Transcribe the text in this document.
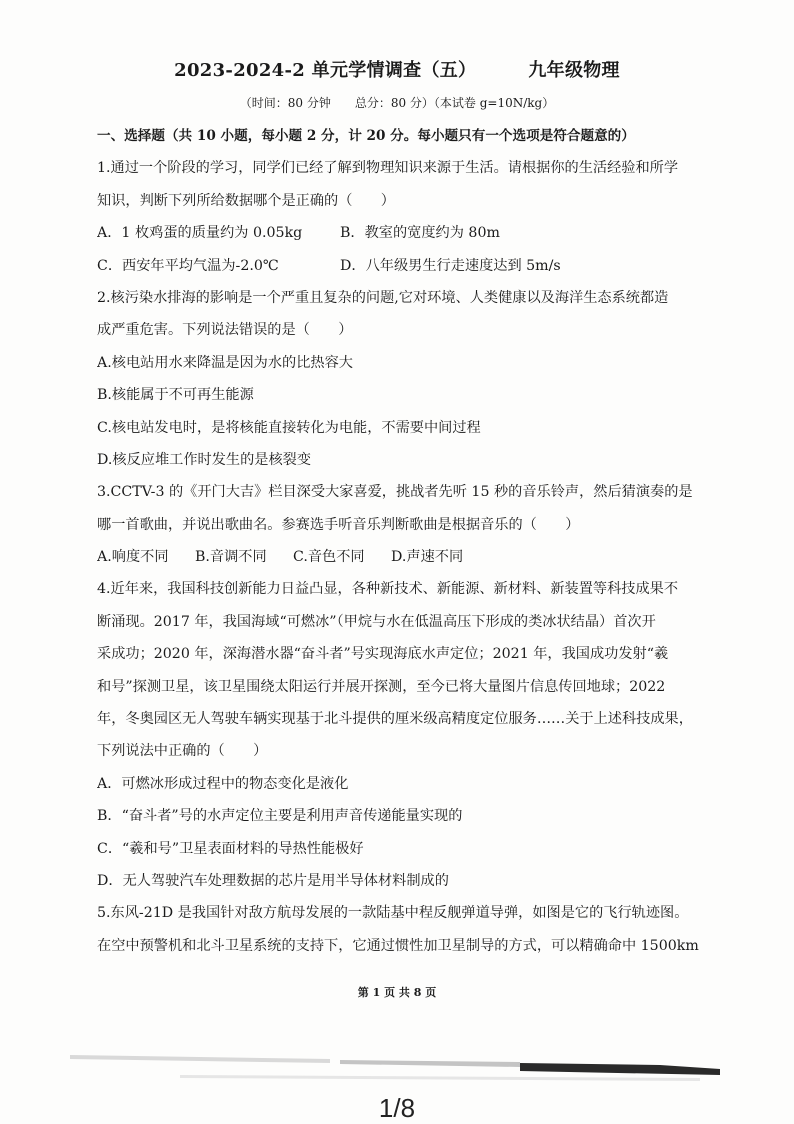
2023-2024-2 单元学情调查（五）	九年级物理
（时间：80 分钟　　总分：80 分）（本试卷 g=10N/kg）
一、选择题（共 10 小题，每小题 2 分，计 20 分。每小题只有一个选项是符合题意的）
1.通过一个阶段的学习，同学们已经了解到物理知识来源于生活。请根据你的生活经验和所学
知识，判断下列所给数据哪个是正确的（　　）
A．1 枚鸡蛋的质量约为 0.05kg	B．教室的宽度约为 80m
C．西安年平均气温为-2.0℃	D．八年级男生行走速度达到 5m/s
2.核污染水排海的影响是一个严重且复杂的问题,它对环境、人类健康以及海洋生态系统都造
成严重危害。下列说法错误的是（　　）
A.核电站用水来降温是因为水的比热容大
B.核能属于不可再生能源
C.核电站发电时，是将核能直接转化为电能，不需要中间过程
D.核反应堆工作时发生的是核裂变
3.CCTV-3 的《开门大吉》栏目深受大家喜爱，挑战者先听 15 秒的音乐铃声，然后猜演奏的是
哪一首歌曲，并说出歌曲名。参赛选手听音乐判断歌曲是根据音乐的（　　）
A.响度不同 B.音调不同 C.音色不同 D.声速不同
4.近年来，我国科技创新能力日益凸显，各种新技术、新能源、新材料、新装置等科技成果不
断涌现。2017 年，我国海域“可燃冰”（甲烷与水在低温高压下形成的类冰状结晶）首次开
采成功；2020 年，深海潜水器“奋斗者”号实现海底水声定位；2021 年，我国成功发射“羲
和号”探测卫星，该卫星围绕太阳运行并展开探测，至今已将大量图片信息传回地球；2022
年，冬奥园区无人驾驶车辆实现基于北斗提供的厘米级高精度定位服务……关于上述科技成果，
下列说法中正确的（　　）
A．可燃冰形成过程中的物态变化是液化
B．“奋斗者”号的水声定位主要是利用声音传递能量实现的
C．“羲和号”卫星表面材料的导热性能极好
D．无人驾驶汽车处理数据的芯片是用半导体材料制成的
5.东风-21D 是我国针对敌方航母发展的一款陆基中程反舰弹道导弹，如图是它的飞行轨迹图。
在空中预警机和北斗卫星系统的支持下，它通过惯性加卫星制导的方式，可以精确命中 1500km
第 1 页 共 8 页
1/8
